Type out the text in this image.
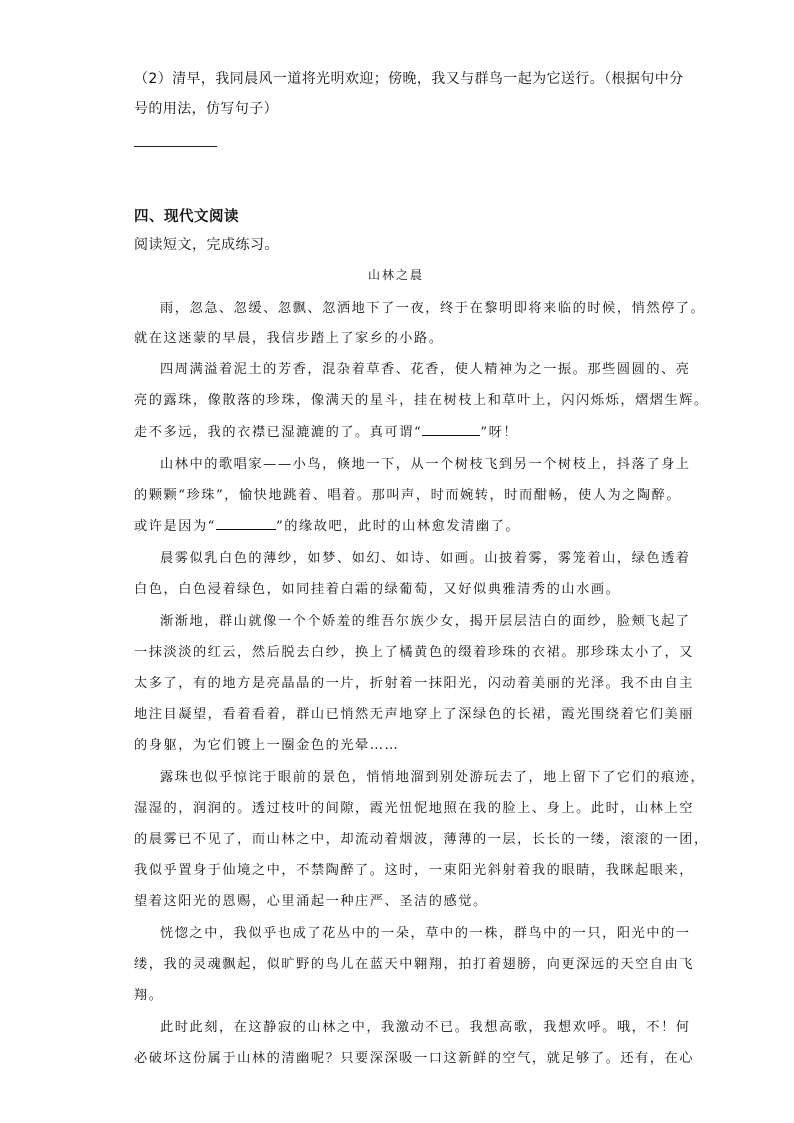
（2）清早，我同晨风一道将光明欢迎；傍晚，我又与群鸟一起为它送行。（根据句中分
号的用法，仿写句子）
四、现代文阅读
阅读短文，完成练习。
山林之晨
雨，忽急、忽缓、忽飘、忽洒地下了一夜，终于在黎明即将来临的时候，悄然停了。
就在这迷蒙的早晨，我信步踏上了家乡的小路。
四周满溢着泥土的芳香，混杂着草香、花香，使人精神为之一振。那些圆圆的、亮
亮的露珠，像散落的珍珠，像满天的星斗，挂在树枝上和草叶上，闪闪烁烁，熠熠生辉。
走不多远，我的衣襟已湿漉漉的了。真可谓“	”呀！
山林中的歌唱家——小鸟，倏地一下，从一个树枝飞到另一个树枝上，抖落了身上
的颗颗“珍珠”，愉快地跳着、唱着。那叫声，时而婉转，时而酣畅，使人为之陶醉。
或许是因为“	”的缘故吧，此时的山林愈发清幽了。
晨雾似乳白色的薄纱，如梦、如幻、如诗、如画。山披着雾，雾笼着山，绿色透着
白色，白色浸着绿色，如同挂着白霜的绿葡萄，又好似典雅清秀的山水画。
渐渐地，群山就像一个个娇羞的维吾尔族少女，揭开层层洁白的面纱，脸颊飞起了
一抹淡淡的红云，然后脱去白纱，换上了橘黄色的缀着珍珠的衣裙。那珍珠太小了，又
太多了，有的地方是亮晶晶的一片，折射着一抹阳光，闪动着美丽的光泽。我不由自主
地注目凝望，看着看着，群山已悄然无声地穿上了深绿色的长裙，霞光围绕着它们美丽
的身躯，为它们镀上一圈金色的光晕……
露珠也似乎惊诧于眼前的景色，悄悄地溜到别处游玩去了，地上留下了它们的痕迹，
湿湿的，润润的。透过枝叶的间隙，霞光忸怩地照在我的脸上、身上。此时，山林上空
的晨雾已不见了，而山林之中，却流动着烟波，薄薄的一层，长长的一缕，滚滚的一团，
我似乎置身于仙境之中，不禁陶醉了。这时，一束阳光斜射着我的眼睛，我眯起眼来，
望着这阳光的恩赐，心里涌起一种庄严、圣洁的感觉。
恍惚之中，我似乎也成了花丛中的一朵，草中的一株，群鸟中的一只，阳光中的一
缕，我的灵魂飘起，似旷野的鸟儿在蓝天中翱翔，拍打着翅膀，向更深远的天空自由飞
翔。
此时此刻，在这静寂的山林之中，我激动不已。我想高歌，我想欢呼。哦，不！何
必破坏这份属于山林的清幽呢？只要深深吸一口这新鲜的空气，就足够了。还有，在心
